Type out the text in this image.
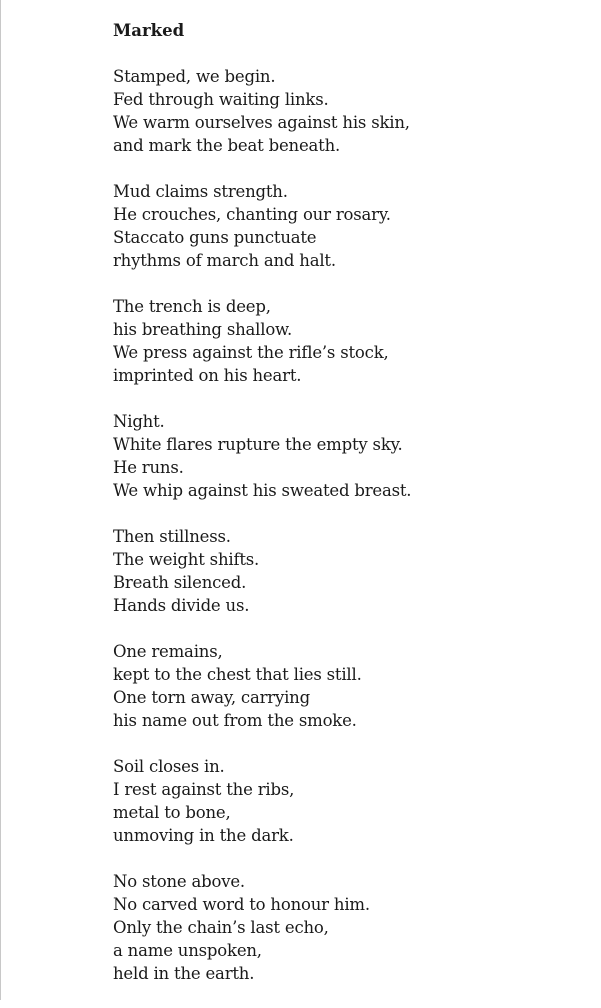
Marked
Stamped, we begin.
Fed through waiting links.
We warm ourselves against his skin,
and mark the beat beneath.
Mud claims strength.
He crouches, chanting our rosary.
Staccato guns punctuate
rhythms of march and halt.
The trench is deep,
his breathing shallow.
We press against the rifle’s stock,
imprinted on his heart.
Night.
White flares rupture the empty sky.
He runs.
We whip against his sweated breast.
Then stillness.
The weight shifts.
Breath silenced.
Hands divide us.
One remains,
kept to the chest that lies still.
One torn away, carrying
his name out from the smoke.
Soil closes in.
I rest against the ribs,
metal to bone,
unmoving in the dark.
No stone above.
No carved word to honour him.
Only the chain’s last echo,
a name unspoken,
held in the earth.
